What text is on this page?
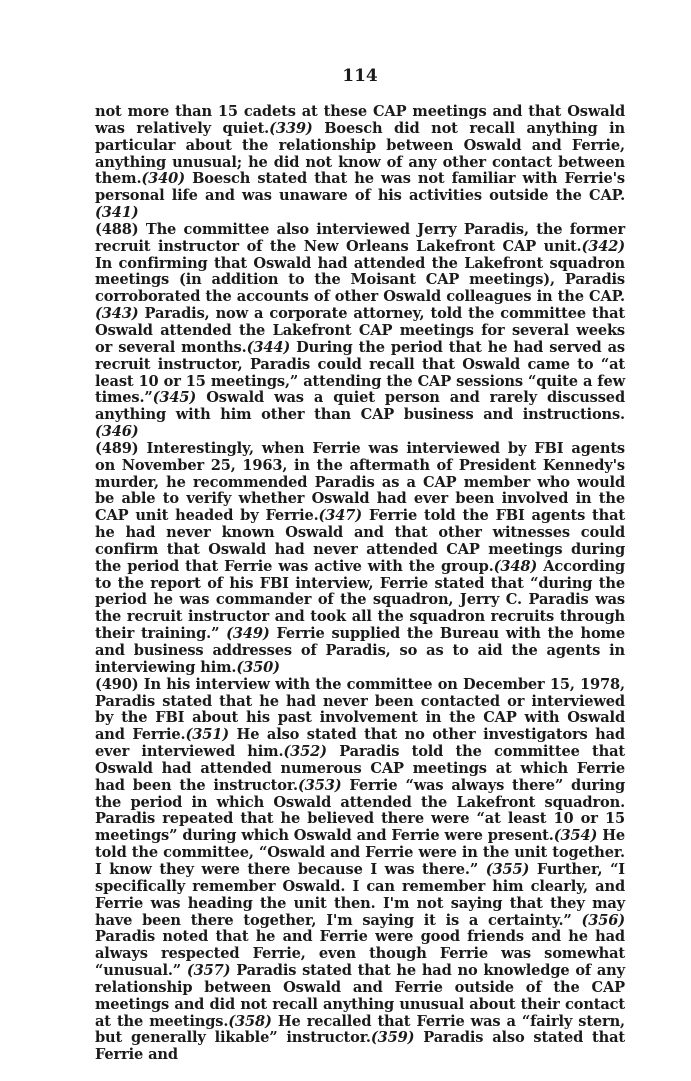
114

not more than 15 cadets at these CAP meetings and that Oswald was relatively quiet.(339) Boesch did not recall anything in particular about the relationship between Oswald and Ferrie, anything unusual; he did not know of any other contact between them.(340) Boesch stated that he was not familiar with Ferrie's personal life and was unaware of his activities outside the CAP. (341)

(488) The committee also interviewed Jerry Paradis, the former recruit instructor of the New Orleans Lakefront CAP unit.(342) In confirming that Oswald had attended the Lakefront squadron meetings (in addition to the Moisant CAP meetings), Paradis corroborated the accounts of other Oswald colleagues in the CAP.(343) Paradis, now a corporate attorney, told the committee that Oswald attended the Lakefront CAP meetings for several weeks or several months.(344) During the period that he had served as recruit instructor, Paradis could recall that Oswald came to “at least 10 or 15 meetings,” attending the CAP sessions “quite a few times.”(345) Oswald was a quiet person and rarely discussed anything with him other than CAP business and instructions.(346)

(489) Interestingly, when Ferrie was interviewed by FBI agents on November 25, 1963, in the aftermath of President Kennedy's murder, he recommended Paradis as a CAP member who would be able to verify whether Oswald had ever been involved in the CAP unit headed by Ferrie.(347) Ferrie told the FBI agents that he had never known Oswald and that other witnesses could confirm that Oswald had never attended CAP meetings during the period that Ferrie was active with the group.(348) According to the report of his FBI interview, Ferrie stated that “during the period he was commander of the squadron, Jerry C. Paradis was the recruit instructor and took all the squadron recruits through their training.” (349) Ferrie supplied the Bureau with the home and business addresses of Paradis, so as to aid the agents in interviewing him.(350)

(490) In his interview with the committee on December 15, 1978, Paradis stated that he had never been contacted or interviewed by the FBI about his past involvement in the CAP with Oswald and Ferrie.(351) He also stated that no other investigators had ever interviewed him.(352) Paradis told the committee that Oswald had attended numerous CAP meetings at which Ferrie had been the instructor.(353) Ferrie “was always there” during the period in which Oswald attended the Lakefront squadron. Paradis repeated that he believed there were “at least 10 or 15 meetings” during which Oswald and Ferrie were present.(354) He told the committee, “Oswald and Ferrie were in the unit together. I know they were there because I was there.” (355) Further, “I specifically remember Oswald. I can remember him clearly, and Ferrie was heading the unit then. I'm not saying that they may have been there together, I'm saying it is a certainty.” (356) Paradis noted that he and Ferrie were good friends and he had always respected Ferrie, even though Ferrie was somewhat “unusual.” (357) Paradis stated that he had no knowledge of any relationship between Oswald and Ferrie outside of the CAP meetings and did not recall anything unusual about their contact at the meetings.(358) He recalled that Ferrie was a “fairly stern, but generally likable” instructor.(359) Paradis also stated that Ferrie and
